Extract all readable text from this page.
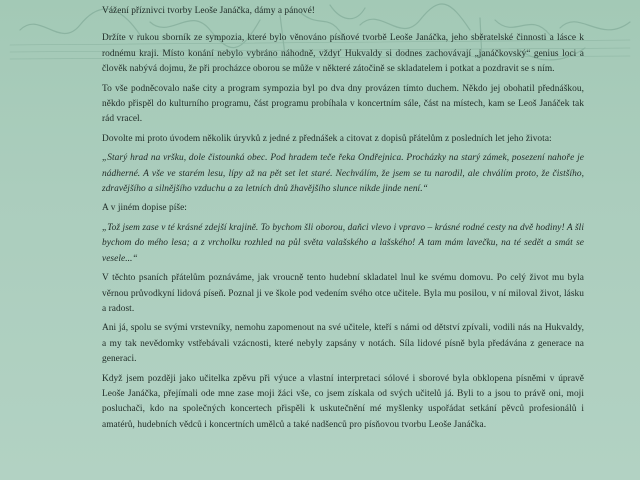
Vážení příznivci tvorby Leoše Janáčka, dámy a pánové!

Držíte v rukou sborník ze sympozia, které bylo věnováno písňové tvorbě Leoše Janáčka, jeho sběratelské činnosti a lásce k rodnému kraji. Místo konání nebylo vybráno náhodně, vždyť Hukvaldy si dodnes zachovávají „janáčkovský“ genius loci a člověk nabývá dojmu, že při procházce oborou se může v některé zátočině se skladatelem i potkat a pozdravit se s ním.

To vše podněcovalo naše city a program sympozia byl po dva dny provázen tímto duchem. Někdo jej obohatil přednáškou, někdo přispěl do kulturního programu, část programu probíhala v koncertním sále, část na místech, kam se Leoš Janáček tak rád vracel.

Dovolte mi proto úvodem několik úryvků z jedné z přednášek a citovat z dopisů přátelům z posledních let jeho života:

„Starý hrad na vršku, dole čistounká obec. Pod hradem teče řeka Ondřejnica. Procházky na starý zámek, posezení nahoře je nádherné. A vše ve starém lesu, lípy až na pět set let staré. Nechválím, že jsem se tu narodil, ale chválím proto, že čistšího, zdravějšího a silnějšího vzduchu a za letních dnů žhavějšího slunce nikde jinde není.“

A v jiném dopise píše:

„Tož jsem zase v té krásné zdejší krajině. To bychom šli oborou, daňci vlevo i vpravo – krásné rodné cesty na dvě hodiny! A šli bychom do mého lesa; a z vrcholku rozhled na půl světa valašského a lašského! A tam mám lavečku, na té sedět a smát se vesele...“

V těchto psaních přátelům poznáváme, jak vroucně tento hudební skladatel lnul ke svému domovu. Po celý život mu byla věrnou průvodkyní lidová píseň. Poznal ji ve škole pod vedením svého otce učitele. Byla mu posilou, v ní miloval život, lásku a radost.

Ani já, spolu se svými vrstevníky, nemohu zapomenout na své učitele, kteří s námi od dětství zpívali, vodili nás na Hukvaldy, a my tak nevědomky vstřebávali vzácnosti, které nebyly zapsány v notách. Síla lidové písně byla předávána z generace na generaci.

Když jsem později jako učitelka zpěvu při výuce a vlastní interpretaci sólové i sborové byla obklopena písněmi v úpravě Leoše Janáčka, přejímali ode mne zase moji žáci vše, co jsem získala od svých učitelů já. Byli to a jsou to právě oni, moji posluchači, kdo na společných koncertech přispěli k uskutečnění mé myšlenky uspořádat setkání pěvců profesionálů i amatérů, hudebních vědců i koncertních umělců a také nadšenců pro písňovou tvorbu Leoše Janáčka.
